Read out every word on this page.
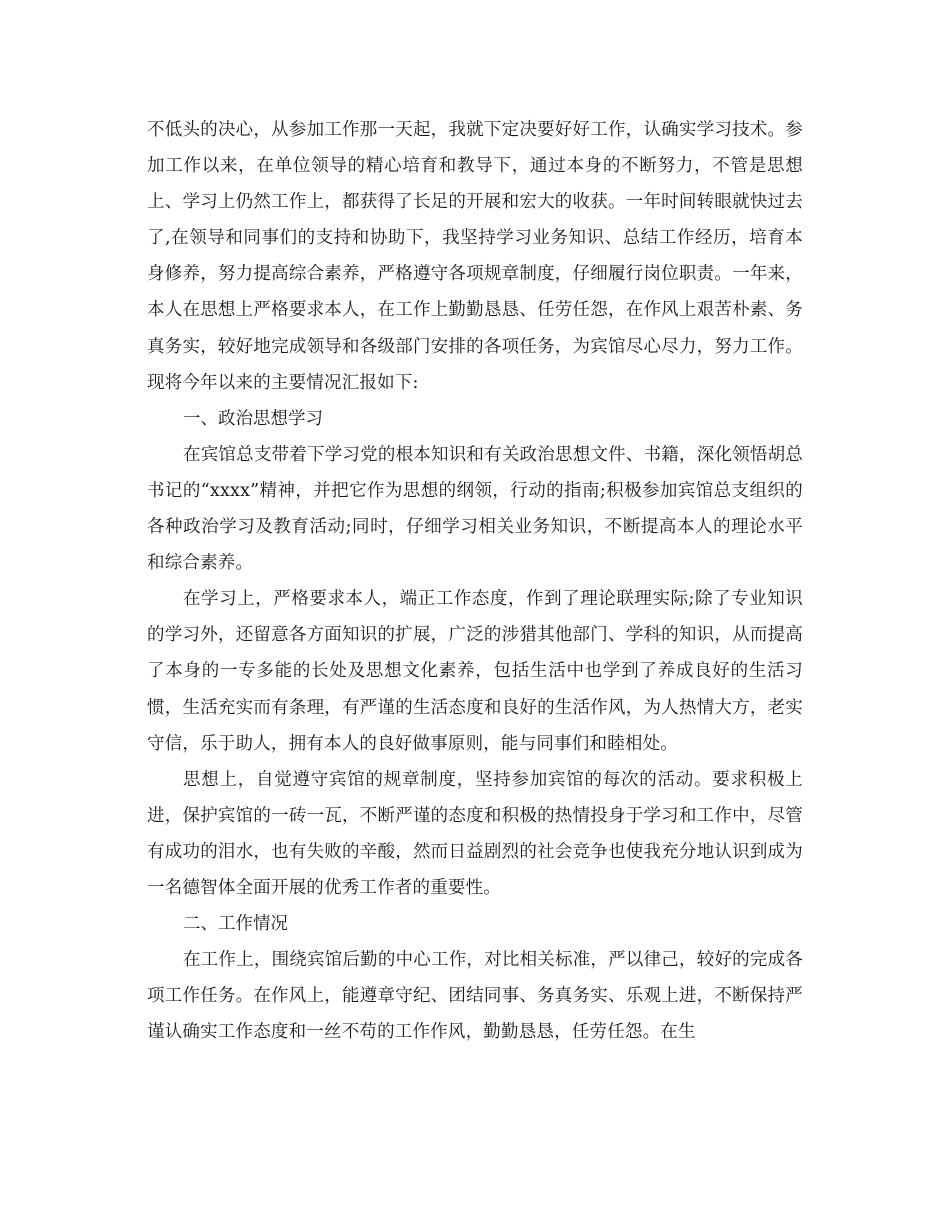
不低头的决心，从参加工作那一天起，我就下定决要好好工作，认确实学习技术。参加工作以来，在单位领导的精心培育和教导下，通过本身的不断努力，不管是思想上、学习上仍然工作上，都获得了长足的开展和宏大的收获。一年时间转眼就快过去了,在领导和同事们的支持和协助下，我坚持学习业务知识、总结工作经历，培育本身修养，努力提高综合素养，严格遵守各项规章制度，仔细履行岗位职责。一年来，本人在思想上严格要求本人，在工作上勤勤恳恳、任劳任怨，在作风上艰苦朴素、务真务实，较好地完成领导和各级部门安排的各项任务，为宾馆尽心尽力，努力工作。现将今年以来的主要情况汇报如下:

一、政治思想学习

在宾馆总支带着下学习党的根本知识和有关政治思想文件、书籍，深化领悟胡总书记的“xxxx”精神，并把它作为思想的纲领，行动的指南;积极参加宾馆总支组织的各种政治学习及教育活动;同时，仔细学习相关业务知识，不断提高本人的理论水平和综合素养。

在学习上，严格要求本人，端正工作态度，作到了理论联理实际;除了专业知识的学习外，还留意各方面知识的扩展，广泛的涉猎其他部门、学科的知识，从而提高了本身的一专多能的长处及思想文化素养，包括生活中也学到了养成良好的生活习惯，生活充实而有条理，有严谨的生活态度和良好的生活作风，为人热情大方，老实守信，乐于助人，拥有本人的良好做事原则，能与同事们和睦相处。

思想上，自觉遵守宾馆的规章制度，坚持参加宾馆的每次的活动。要求积极上进，保护宾馆的一砖一瓦，不断严谨的态度和积极的热情投身于学习和工作中，尽管有成功的泪水，也有失败的辛酸，然而日益剧烈的社会竞争也使我充分地认识到成为一名德智体全面开展的优秀工作者的重要性。

二、工作情况

在工作上，围绕宾馆后勤的中心工作，对比相关标准，严以律己，较好的完成各项工作任务。在作风上，能遵章守纪、团结同事、务真务实、乐观上进，不断保持严谨认确实工作态度和一丝不苟的工作作风，勤勤恳恳，任劳任怨。在生
